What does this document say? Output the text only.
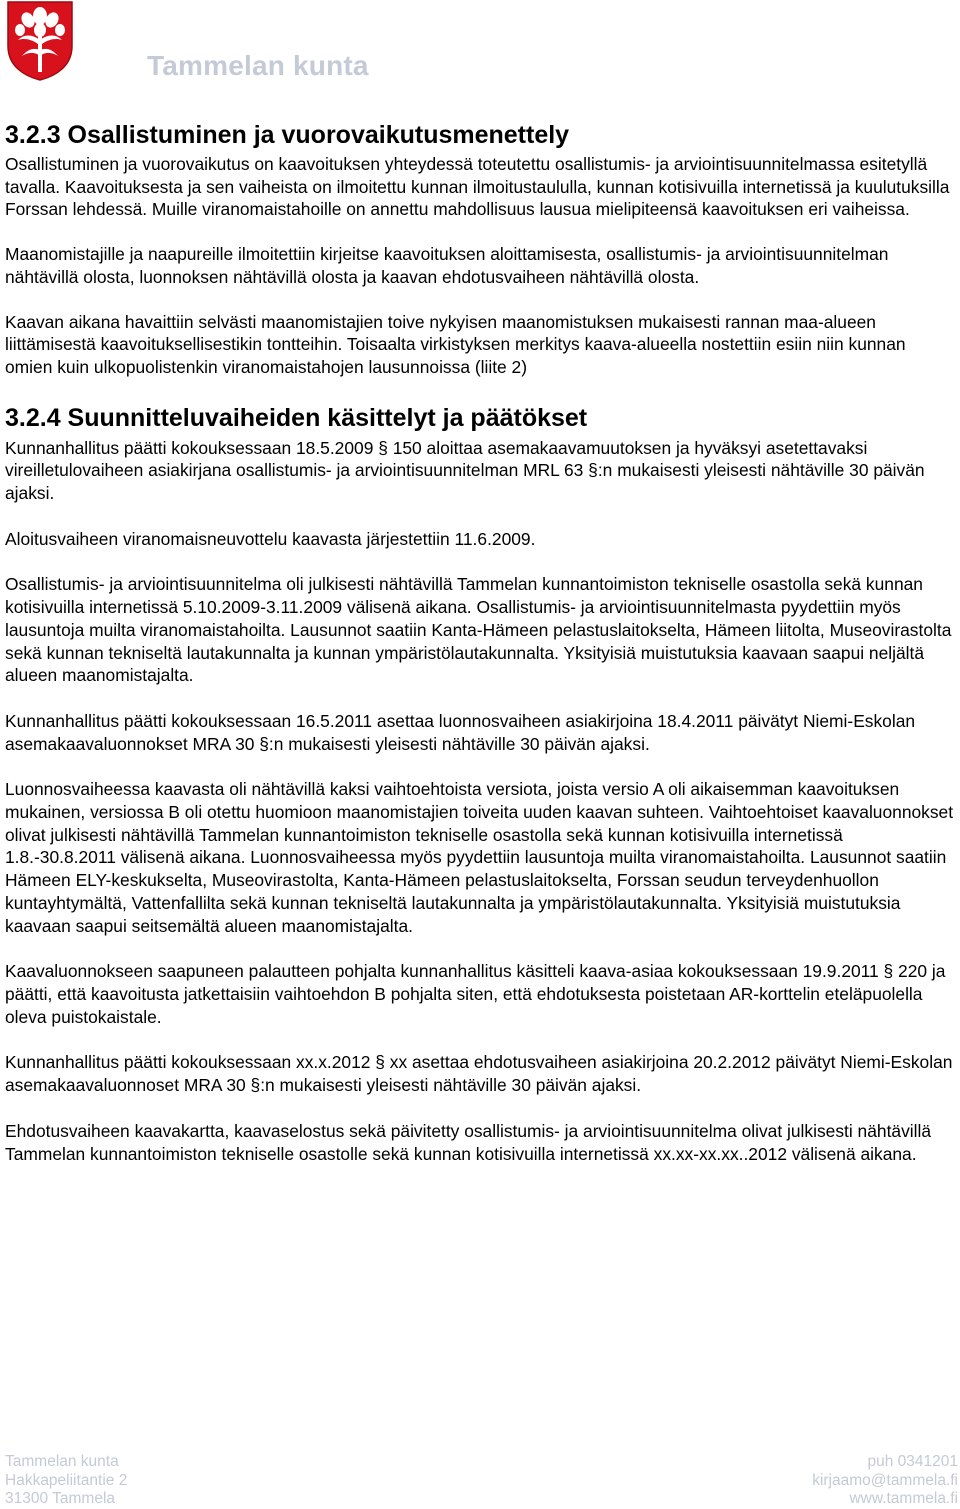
Tammelan kunta
3.2.3 Osallistuminen ja vuorovaikutusmenettely

Osallistuminen ja vuorovaikutus on kaavoituksen yhteydessä toteutettu osallistumis- ja arviointisuunnitelmassa esitetyllä tavalla. Kaavoituksesta ja sen vaiheista on ilmoitettu kunnan ilmoitustaululla, kunnan kotisivuilla internetissä ja kuulutuksilla Forssan lehdessä. Muille viranomaistahoille on annettu mahdollisuus lausua mielipiteensä kaavoituksen eri vaiheissa.

Maanomistajille ja naapureille ilmoitettiin kirjeitse kaavoituksen aloittamisesta, osallistumis- ja arviointisuunnitelman nähtävillä olosta, luonnoksen nähtävillä olosta ja kaavan ehdotusvaiheen nähtävillä olosta.

Kaavan aikana havaittiin selvästi maanomistajien toive nykyisen maanomistuksen mukaisesti rannan maa-alueen liittämisestä kaavoituksellisestikin tontteihin. Toisaalta virkistyksen merkitys kaava-alueella nostettiin esiin niin kunnan omien kuin ulkopuolistenkin viranomaistahojen lausunnoissa (liite 2)

3.2.4 Suunnitteluvaiheiden käsittelyt ja päätökset

Kunnanhallitus päätti kokouksessaan 18.5.2009 § 150 aloittaa asemakaavamuutoksen ja hyväksyi asetettavaksi vireilletulovaiheen asiakirjana osallistumis- ja arviointisuunnitelman MRL 63 §:n mukaisesti yleisesti nähtäville 30 päivän ajaksi.

Aloitusvaiheen viranomaisneuvottelu kaavasta järjestettiin 11.6.2009.

Osallistumis- ja arviointisuunnitelma oli julkisesti nähtävillä Tammelan kunnantoimiston tekniselle osastolla sekä kunnan kotisivuilla internetissä 5.10.2009-3.11.2009 välisenä aikana. Osallistumis- ja arviointisuunnitelmasta pyydettiin myös lausuntoja muilta viranomaistahoilta. Lausunnot saatiin Kanta-Hämeen pelastuslaitokselta, Hämeen liitolta, Museovirastolta sekä kunnan tekniseltä lautakunnalta ja kunnan ympäristölautakunnalta. Yksityisiä muistutuksia kaavaan saapui neljältä alueen maanomistajalta.

Kunnanhallitus päätti kokouksessaan 16.5.2011 asettaa luonnosvaiheen asiakirjoina 18.4.2011 päivätyt Niemi-Eskolan asemakaavaluonnokset MRA 30 §:n mukaisesti yleisesti nähtäville 30 päivän ajaksi.

Luonnosvaiheessa kaavasta oli nähtävillä kaksi vaihtoehtoista versiota, joista versio A oli aikaisemman kaavoituksen mukainen, versiossa B oli otettu huomioon maanomistajien toiveita uuden kaavan suhteen. Vaihtoehtoiset kaavaluonnokset olivat julkisesti nähtävillä Tammelan kunnantoimiston tekniselle osastolla sekä kunnan kotisivuilla internetissä 1.8.-30.8.2011 välisenä aikana. Luonnosvaiheessa myös pyydettiin lausuntoja muilta viranomaistahoilta. Lausunnot saatiin Hämeen ELY-keskukselta, Museovirastolta, Kanta-Hämeen pelastuslaitokselta, Forssan seudun terveydenhuollon kuntayhtymältä, Vattenfallilta sekä kunnan tekniseltä lautakunnalta ja ympäristölautakunnalta. Yksityisiä muistutuksia kaavaan saapui seitsemältä alueen maanomistajalta.

Kaavaluonnokseen saapuneen palautteen pohjalta kunnanhallitus käsitteli kaava-asiaa kokouksessaan 19.9.2011 § 220 ja päätti, että kaavoitusta jatkettaisiin vaihtoehdon B pohjalta siten, että ehdotuksesta poistetaan AR-korttelin eteläpuolella oleva puistokaistale.

Kunnanhallitus päätti kokouksessaan xx.x.2012 § xx asettaa ehdotusvaiheen asiakirjoina 20.2.2012 päivätyt Niemi-Eskolan asemakaavaluonnoset MRA 30 §:n mukaisesti yleisesti nähtäville 30 päivän ajaksi.

Ehdotusvaiheen kaavakartta, kaavaselostus sekä päivitetty osallistumis- ja arviointisuunnitelma olivat julkisesti nähtävillä Tammelan kunnantoimiston tekniselle osastolle sekä kunnan kotisivuilla internetissä xx.xx-xx.xx..2012 välisenä aikana.

Tammelan kunta
Hakkapeliitantie 2
31300 Tammela
puh 0341201
kirjaamo@tammela.fi
www.tammela.fi
